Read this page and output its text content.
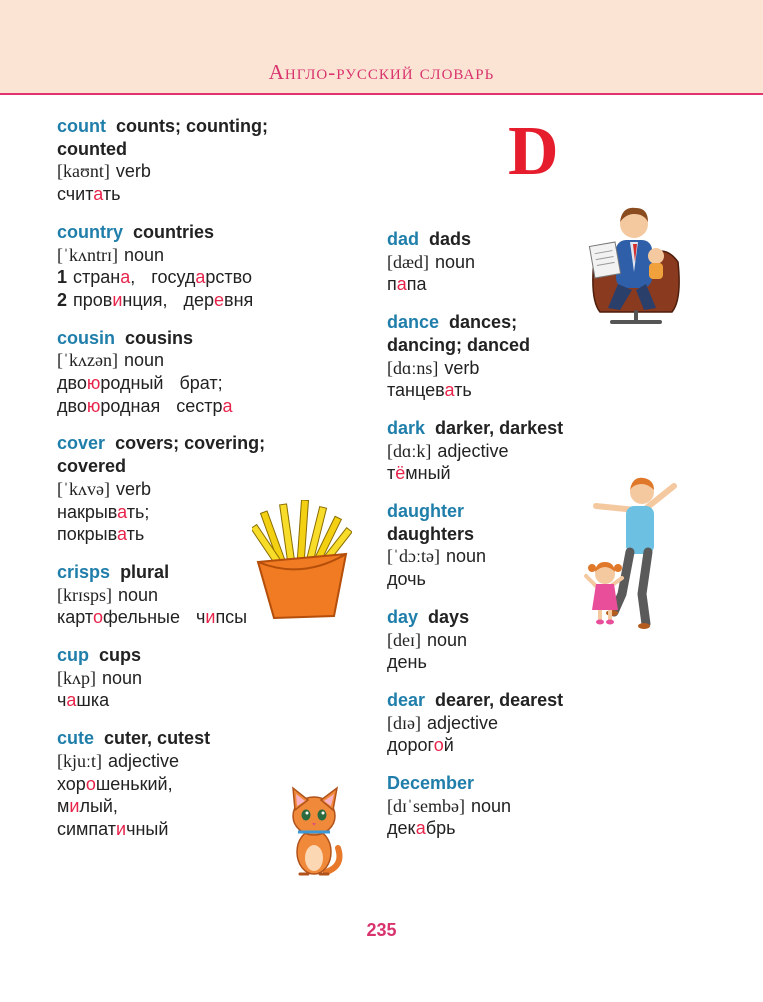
Англо-русский словарь
D
count counts; counting;
counted
[kaʊnt] verb
считать
country countries
[ˈkʌntrɪ] noun
1 страна, государство
2 провинция, деревня
cousin cousins
[ˈkʌzən] noun
двоюродный брат;
двоюродная сестра
cover covers; covering;
covered
[ˈkʌvə] verb
накрывать;
покрывать
crisps plural
[krɪsps] noun
картофельные чипсы
cup cups
[kʌp] noun
чашка
cute cuter, cutest
[kjuːt] adjective
хорошенький,
милый,
симпатичный
dad dads
[dæd] noun
папа
dance dances;
dancing; danced
[dɑːns] verb
танцевать
dark darker, darkest
[dɑːk] adjective
тёмный
daughter
daughters
[ˈdɔːtə] noun
дочь
day days
[deɪ] noun
день
dear dearer, dearest
[dɪə] adjective
дорогой
December
[dɪˈsembə] noun
декабрь
235
